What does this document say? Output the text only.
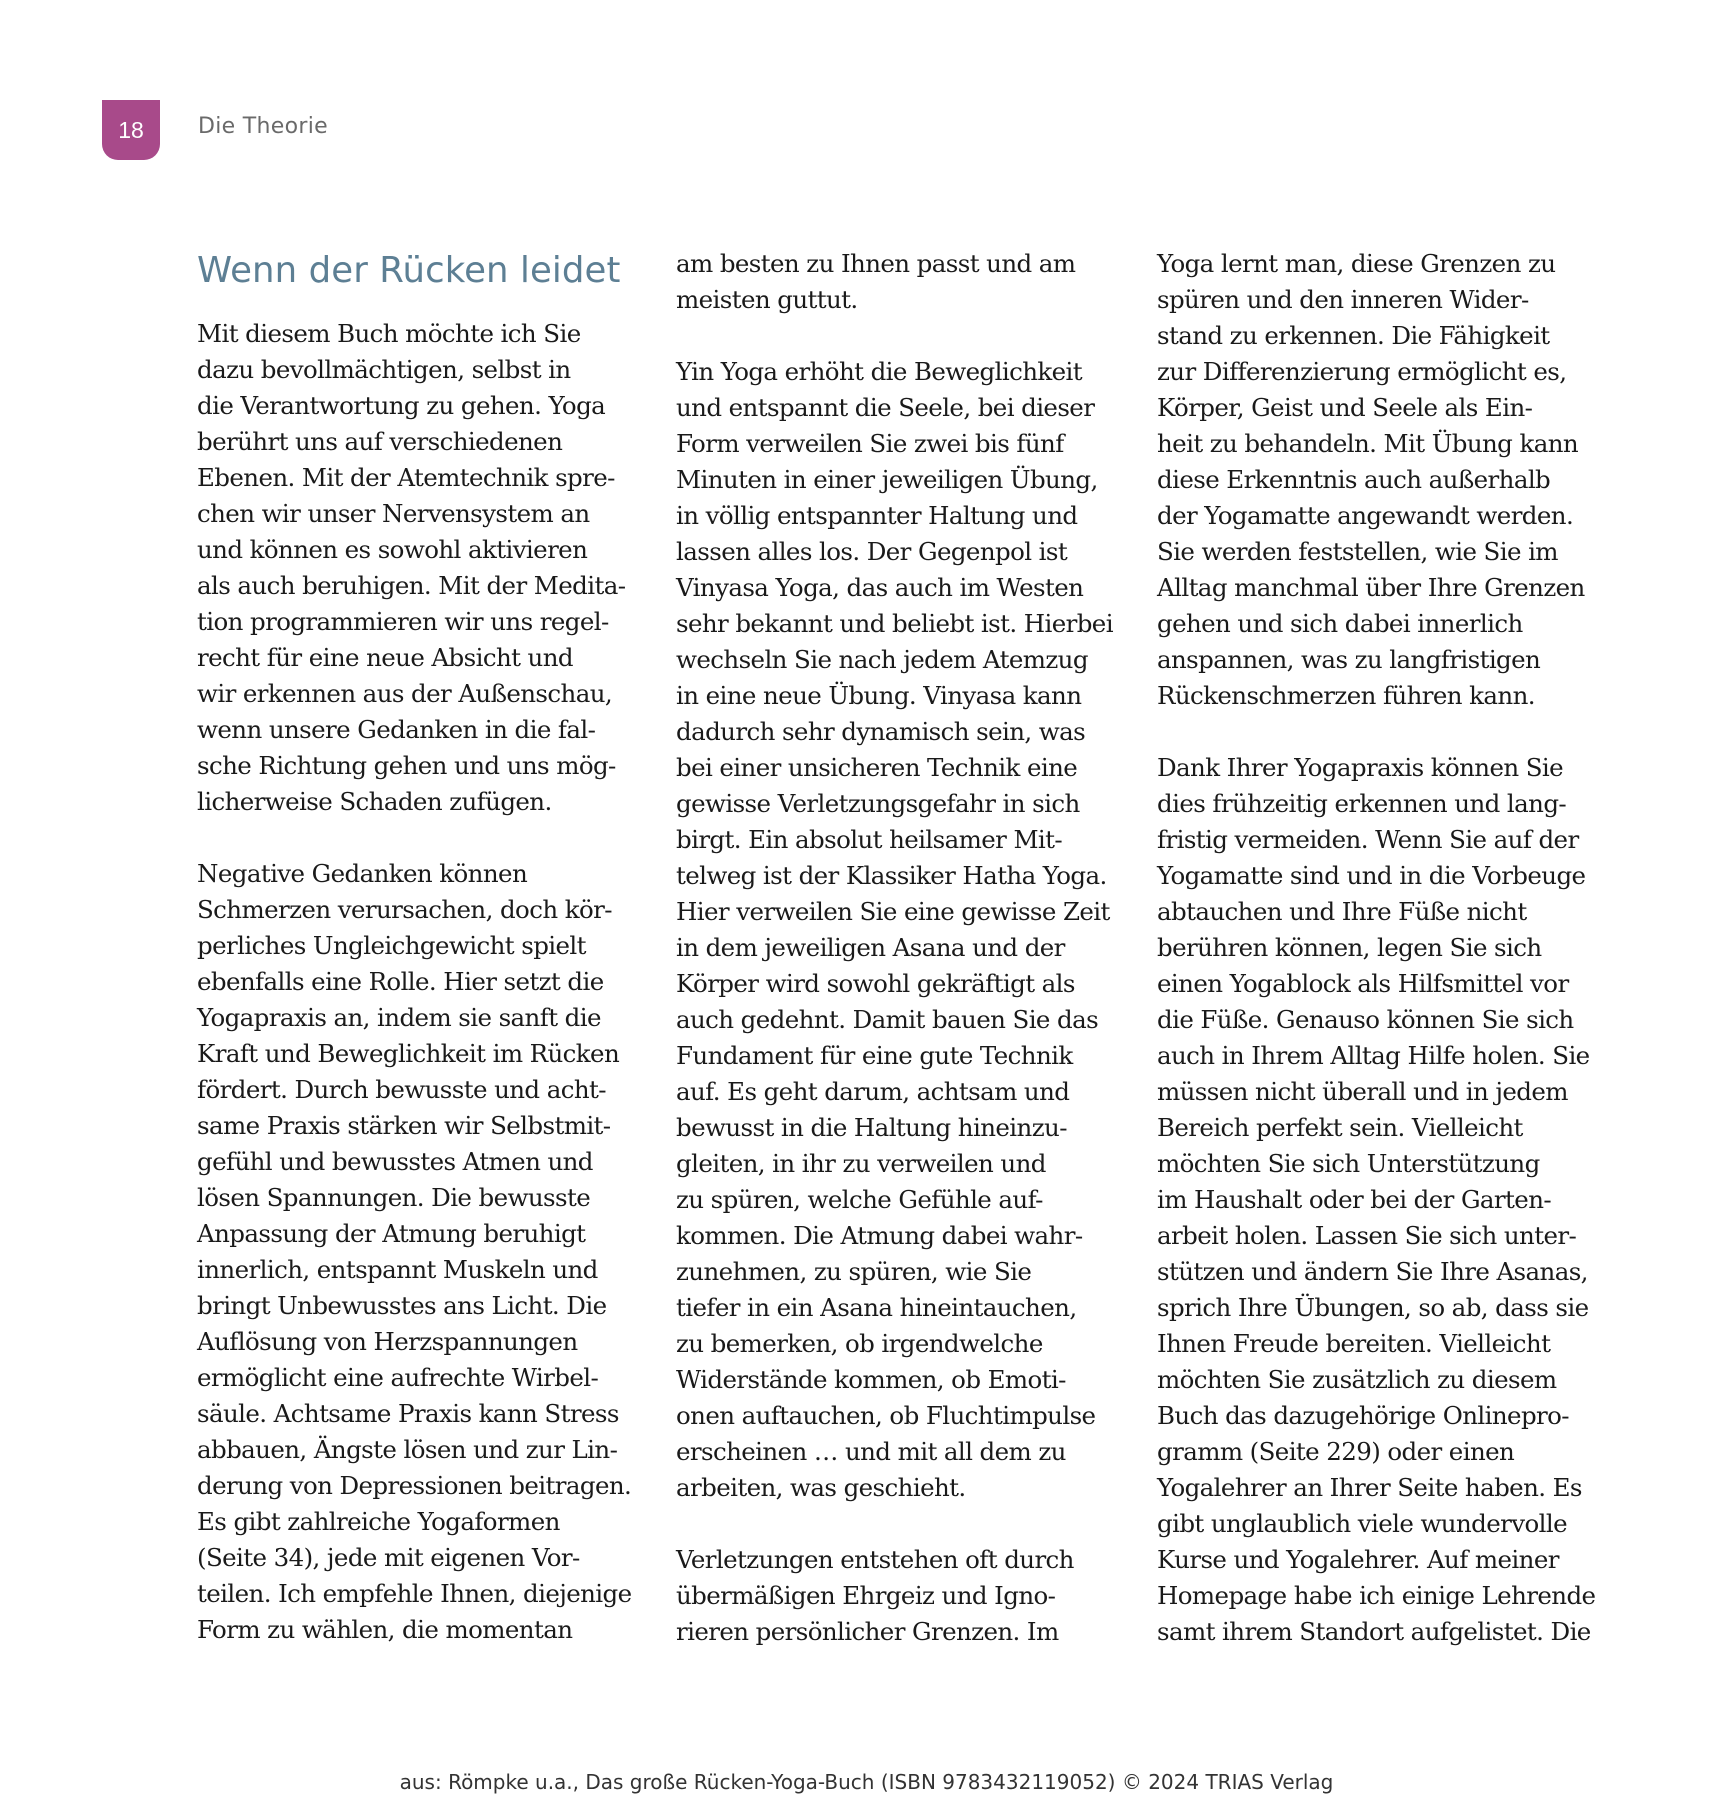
18 Die Theorie
Wenn der Rücken leidet
Mit diesem Buch möchte ich Sie
dazu bevollmächtigen, selbst in
die Verantwortung zu gehen. Yoga
berührt uns auf verschiedenen
Ebenen. Mit der Atemtechnik spre-
chen wir unser Nervensystem an
und können es sowohl aktivieren
als auch beruhigen. Mit der Medita-
tion programmieren wir uns regel-
recht für eine neue Absicht und
wir erkennen aus der Außenschau,
wenn unsere Gedanken in die fal-
sche Richtung gehen und uns mög-
licherweise Schaden zufügen.
Negative Gedanken können
Schmerzen verursachen, doch kör-
perliches Ungleichgewicht spielt
ebenfalls eine Rolle. Hier setzt die
Yogapraxis an, indem sie sanft die
Kraft und Beweglichkeit im Rücken
fördert. Durch bewusste und acht-
same Praxis stärken wir Selbstmit-
gefühl und bewusstes Atmen und
lösen Spannungen. Die bewusste
Anpassung der Atmung beruhigt
innerlich, entspannt Muskeln und
bringt Unbewusstes ans Licht. Die
Auflösung von Herzspannungen
ermöglicht eine aufrechte Wirbel-
säule. Achtsame Praxis kann Stress
abbauen, Ängste lösen und zur Lin-
derung von Depressionen beitragen.
Es gibt zahlreiche Yogaformen
(Seite 34), jede mit eigenen Vor-
teilen. Ich empfehle Ihnen, diejenige
Form zu wählen, die momentan
am besten zu Ihnen passt und am
meisten guttut.
Yin Yoga erhöht die Beweglichkeit
und entspannt die Seele, bei dieser
Form verweilen Sie zwei bis fünf
Minuten in einer jeweiligen Übung,
in völlig entspannter Haltung und
lassen alles los. Der Gegenpol ist
Vinyasa Yoga, das auch im Westen
sehr bekannt und beliebt ist. Hierbei
wechseln Sie nach jedem Atemzug
in eine neue Übung. Vinyasa kann
dadurch sehr dynamisch sein, was
bei einer unsicheren Technik eine
gewisse Verletzungsgefahr in sich
birgt. Ein absolut heilsamer Mit-
telweg ist der Klassiker Hatha Yoga.
Hier verweilen Sie eine gewisse Zeit
in dem jeweiligen Asana und der
Körper wird sowohl gekräftigt als
auch gedehnt. Damit bauen Sie das
Fundament für eine gute Technik
auf. Es geht darum, achtsam und
bewusst in die Haltung hineinzu-
gleiten, in ihr zu verweilen und
zu spüren, welche Gefühle auf-
kommen. Die Atmung dabei wahr-
zunehmen, zu spüren, wie Sie
tiefer in ein Asana hineintauchen,
zu bemerken, ob irgendwelche
Widerstände kommen, ob Emoti-
onen auftauchen, ob Fluchtimpulse
erscheinen … und mit all dem zu
arbeiten, was geschieht.
Verletzungen entstehen oft durch
übermäßigen Ehrgeiz und Igno-
rieren persönlicher Grenzen. Im
Yoga lernt man, diese Grenzen zu
spüren und den inneren Wider-
stand zu erkennen. Die Fähigkeit
zur Differenzierung ermöglicht es,
Körper, Geist und Seele als Ein-
heit zu behandeln. Mit Übung kann
diese Erkenntnis auch außerhalb
der Yogamatte angewandt werden.
Sie werden feststellen, wie Sie im
Alltag manchmal über Ihre Grenzen
gehen und sich dabei innerlich
anspannen, was zu langfristigen
Rückenschmerzen führen kann.
Dank Ihrer Yogapraxis können Sie
dies frühzeitig erkennen und lang-
fristig vermeiden. Wenn Sie auf der
Yogamatte sind und in die Vorbeuge
abtauchen und Ihre Füße nicht
berühren können, legen Sie sich
einen Yogablock als Hilfsmittel vor
die Füße. Genauso können Sie sich
auch in Ihrem Alltag Hilfe holen. Sie
müssen nicht überall und in jedem
Bereich perfekt sein. Vielleicht
möchten Sie sich Unterstützung
im Haushalt oder bei der Garten-
arbeit holen. Lassen Sie sich unter-
stützen und ändern Sie Ihre Asanas,
sprich Ihre Übungen, so ab, dass sie
Ihnen Freude bereiten. Vielleicht
möchten Sie zusätzlich zu diesem
Buch das dazugehörige Onlinepro-
gramm (Seite 229) oder einen
Yogalehrer an Ihrer Seite haben. Es
gibt unglaublich viele wundervolle
Kurse und Yogalehrer. Auf meiner
Homepage habe ich einige Lehrende
samt ihrem Standort aufgelistet. Die
aus: Römpke u.a., Das große Rücken-Yoga-Buch (ISBN 9783432119052) © 2024 TRIAS Verlag
